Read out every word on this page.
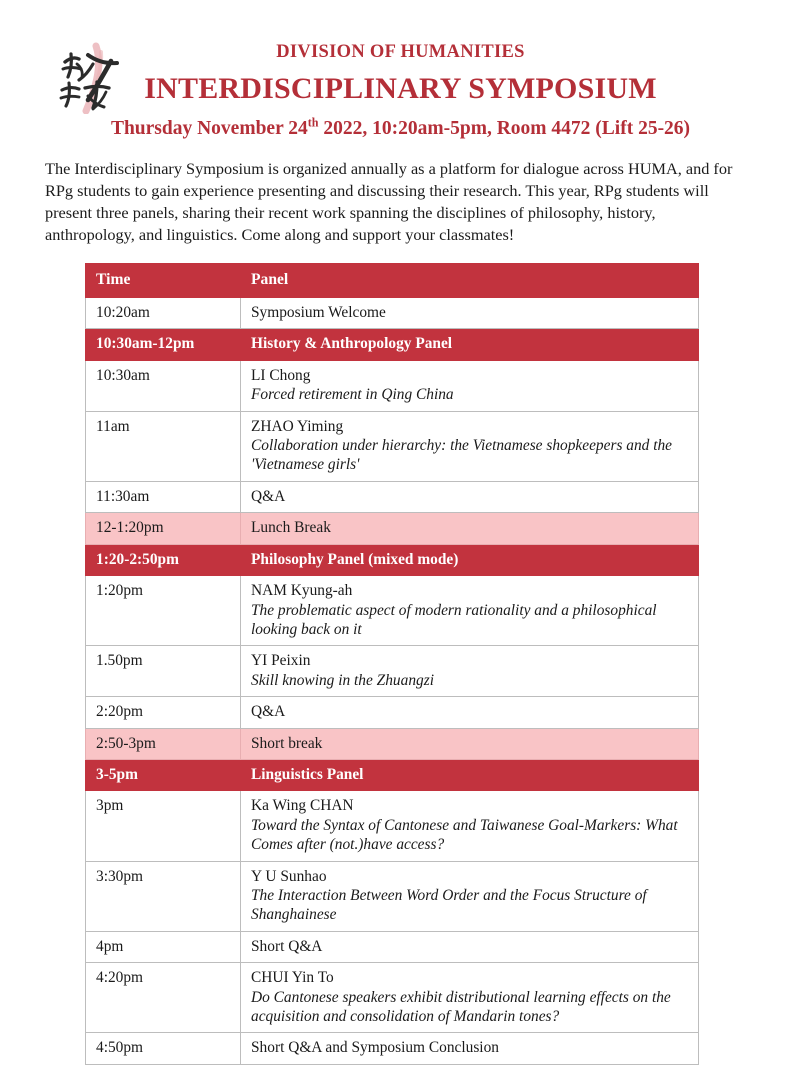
DIVISION OF HUMANITIES
INTERDISCIPLINARY SYMPOSIUM
Thursday November 24th 2022, 10:20am-5pm, Room 4472 (Lift 25-26)

The Interdisciplinary Symposium is organized annually as a platform for dialogue across HUMA, and for RPg students to gain experience presenting and discussing their research. This year, RPg students will present three panels, sharing their recent work spanning the disciplines of philosophy, history, anthropology, and linguistics. Come along and support your classmates!

Time	Panel
10:20am	Symposium Welcome

10:30am-12pm	History & Anthropology Panel

10:30am	LI Chong
Forced retirement in Qing China

11am	ZHAO Yiming
Collaboration under hierarchy: the Vietnamese shopkeepers and the 'Vietnamese girls'

11:30am	Q&A

12-1:20pm	Lunch Break

1:20-2:50pm	Philosophy Panel (mixed mode)

1:20pm	NAM Kyung-ah
The problematic aspect of modern rationality and a philosophical looking back on it

1.50pm	YI Peixin
Skill knowing in the Zhuangzi

2:20pm	Q&A

2:50-3pm	Short break

3-5pm	Linguistics Panel

3pm	Ka Wing CHAN
Toward the Syntax of Cantonese and Taiwanese Goal-Markers: What Comes after (not.)have access?

3:30pm	Y U Sunhao
The Interaction Between Word Order and the Focus Structure of Shanghainese

4pm	Short Q&A

4:20pm	CHUI Yin To
Do Cantonese speakers exhibit distributional learning effects on the acquisition and consolidation of Mandarin tones?

4:50pm	Short Q&A and Symposium Conclusion
